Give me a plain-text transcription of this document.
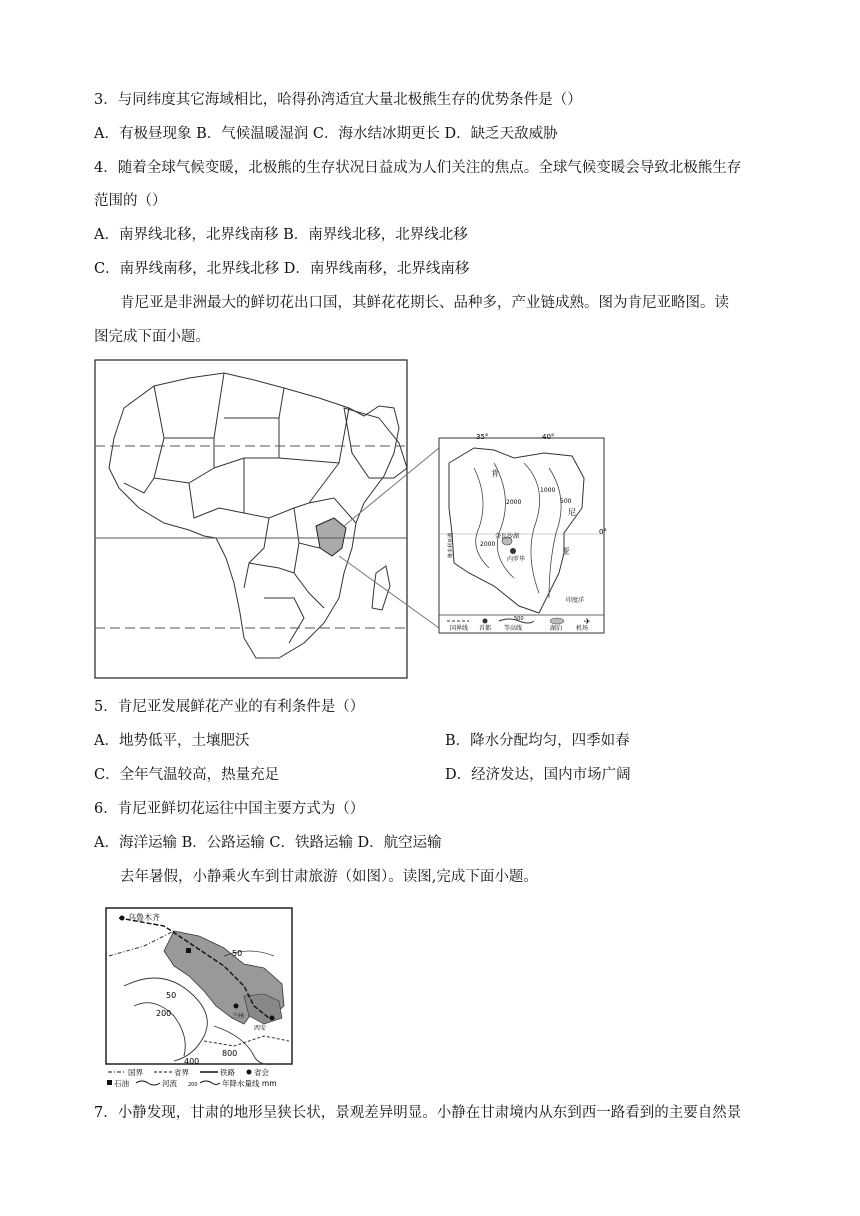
3．与同纬度其它海域相比，哈得孙湾适宜大量北极熊生存的优势条件是（）
A．有极昼现象 B．气候温暖湿润 C．海水结冰期更长 D．缺乏天敌威胁
4．随着全球气候变暖，北极熊的生存状况日益成为人们关注的焦点。全球气候变暖会导致北极熊生存
范围的（）
A．南界线北移，北界线南移 B．南界线北移，北界线北移
C．南界线南移，北界线北移 D．南界线南移，北界线南移
肯尼亚是非洲最大的鲜切花出口国，其鲜花花期长、品种多，产业链成熟。图为肯尼亚略图。读
图完成下面小题。
35°	40°
0°
肯
尼
亚
2000
1000
500
2000
奈瓦沙湖
内罗毕
印度洋
维多利亚湖
国界线 首都
500
等高线	湖泊
✈
机场
5．肯尼亚发展鲜花产业的有利条件是（）
A．地势低平，土壤肥沃	B．降水分配均匀，四季如春
C．全年气温较高，热量充足	D．经济发达，国内市场广阔
6．肯尼亚鲜切花运往中国主要方式为（）
A．海洋运输 B．公路运输 C．铁路运输 D．航空运输
去年暑假，小静乘火车到甘肃旅游（如图）。读图,完成下面小题。
乌鲁木齐
50
50
200
400
800
兰州
西安
国界	省界	铁路	省会
石油	河流 200	年降水量线 mm
7．小静发现，甘肃的地形呈狭长状，景观差异明显。小静在甘肃境内从东到西一路看到的主要自然景
